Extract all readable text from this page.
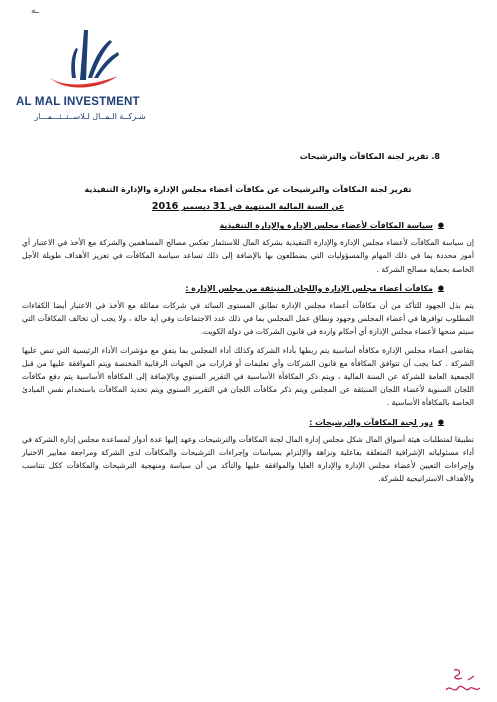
ـه
AL MAL INVESTMENT
شـركــة الـمــال لـلاســتــثـــمـــار
8. تقرير لجنة المكافآت والترشيحات
تقرير لجنة المكافآت والترشيحات عن مكافآت أعضاء مجلس الإدارة والإدارة التنفيذية
عن السنة المالية المنتهية في 31 ديسمبر 2016
●
سياسة المكافآت لأعضاء مجلس الإدارة والإدارة التنفيذية

إن سياسة المكافآت لأعضاء مجلس الإدارة والإدارة التنفيذية بشركة المال للاستثمار تعكس مصالح المساهمين والشركة مع الأخذ في الاعتبار أي أمور محددة بما في ذلك المهام والمسؤوليات التي يضطلعون بها بالإضافة إلى ذلك تساعد سياسة المكافآت في تعزيز الأهداف طويلة الأجل الخاصة بحماية مصالح الشركة .

●
مكافآت أعضاء مجلس الإدارة واللجان المنبثقة من مجلس الإدارة :

يتم بذل الجهود للتأكد من أن مكافآت أعضاء مجلس الإدارة تطابق المستوى السائد في شركات مماثلة مع الأخذ في الاعتبار أيضا الكفاءات المطلوب توافرها في أعضاء المجلس وجهود ونطاق عمل المجلس بما في ذلك عدد الاجتماعات وفي أية حالة ، ولا يجب أن تخالف المكافآت التي سيتم منحها لأعضاء مجلس الإدارة أي أحكام واردة في قانون الشركات في دولة الكويت.

يتقاضى أعضاء مجلس الإدارة مكافأة أساسية يتم ربطها بأداء الشركة وكذلك أداء المجلس بما يتفق مع مؤشرات الأداء الرئيسية التي تنص عليها الشركة . كما يجب أن تتوافق المكافأة مع قانون الشركات وأي تعليمات أو قرارات من الجهات الرقابية المختصة ويتم الموافقة عليها من قبل الجمعية العامة للشركة عن السنة المالية ، ويتم ذكر المكافأة الأساسية في التقرير السنوي وبالإضافة إلى المكافأة الأساسية يتم دفع مكافآت اللجان السنوية لأعضاء اللجان المنبثقة عن المجلس ويتم ذكر مكافآت اللجان في التقرير السنوي ويتم تحديد المكافآت باستخدام نفس المبادئ الخاصة بالمكافأة الأساسية .

●
دور لجنة المكافآت والترشيحات :

تطبيقا لمتطلبات هيئة أسواق المال شكل مجلس إدارة المال لجنة المكافآت والترشيحات وعهد إليها عدة أدوار لمساعدة مجلس إدارة الشركة في أداء مسئولياته الإشرافية المتعلقة بفاعلية ونزاهة والإلتزام بسياسات وإجراءات الترشيحات والمكافآت لدى الشركة ومراجعة معايير الاختيار وإجراءات التعيين لأعضاء مجلس الإدارة والإدارة العليا والموافقة عليها والتأكد من أن سياسة ومنهجية الترشيحات والمكافآت ككل تتناسب والأهداف الاستراتيجية للشركة.
